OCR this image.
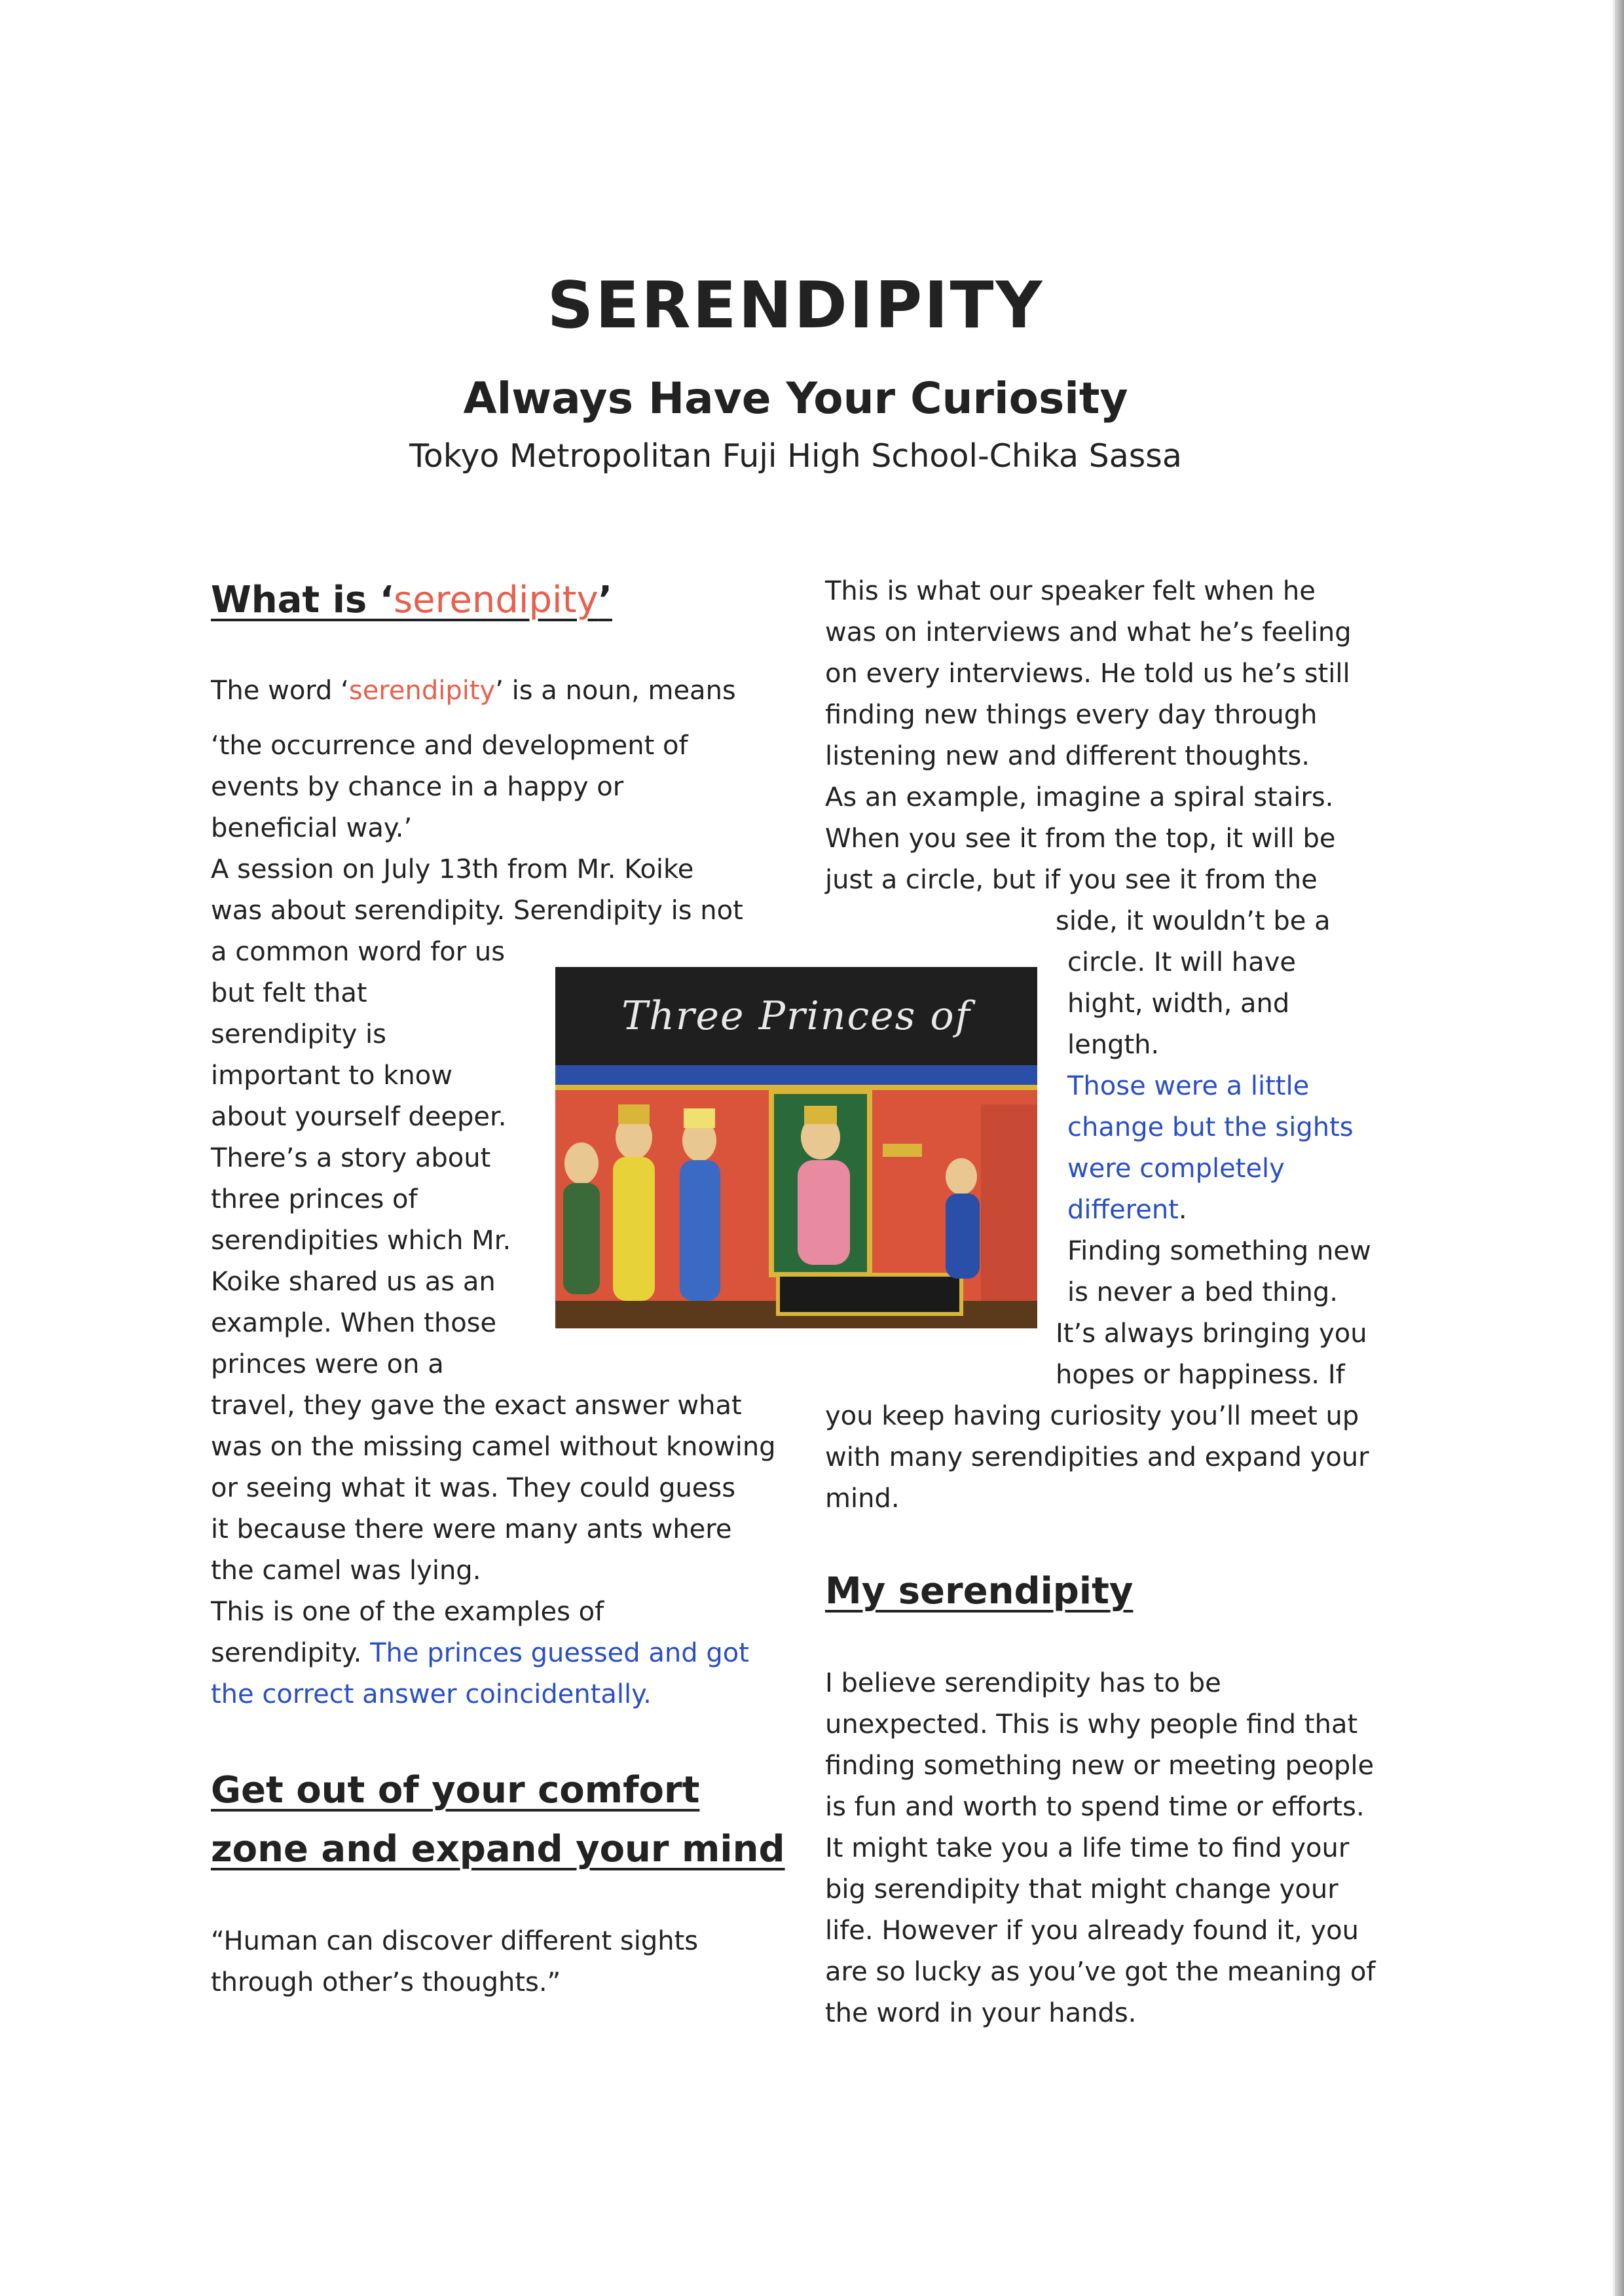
SERENDIPITY
Always Have Your Curiosity

Tokyo Metropolitan Fuji High School-Chika Sassa

What is ‘serendipity’

The word ‘serendipity’ is a noun, means

‘the occurrence and development of

events by chance in a happy or

beneficial way.’

A session on July 13th from Mr. Koike

was about serendipity. Serendipity is not

a common word for us

but felt that

serendipity is

important to know

about yourself deeper.

There’s a story about

three princes of

serendipities which Mr.

Koike shared us as an

example. When those

princes were on a

travel, they gave the exact answer what

was on the missing camel without knowing

or seeing what it was. They could guess

it because there were many ants where

the camel was lying.

This is one of the examples of

serendipity. The princes guessed and got

the correct answer coincidentally.

Three Princes of
Get out of your comfort
zone and expand your mind

“Human can discover different sights

through other’s thoughts.”

This is what our speaker felt when he

was on interviews and what he’s feeling

on every interviews. He told us he’s still

finding new things every day through

listening new and different thoughts.

As an example, imagine a spiral stairs.

When you see it from the top, it will be

just a circle, but if you see it from the

side, it wouldn’t be a

circle. It will have

hight, width, and

length.

Those were a little

change but the sights

were completely

different.

Finding something new

is never a bed thing.

It’s always bringing you

hopes or happiness. If

you keep having curiosity you’ll meet up

with many serendipities and expand your

mind.

My serendipity

I believe serendipity has to be

unexpected. This is why people find that

finding something new or meeting people

is fun and worth to spend time or efforts.

It might take you a life time to find your

big serendipity that might change your

life. However if you already found it, you

are so lucky as you’ve got the meaning of

the word in your hands.
